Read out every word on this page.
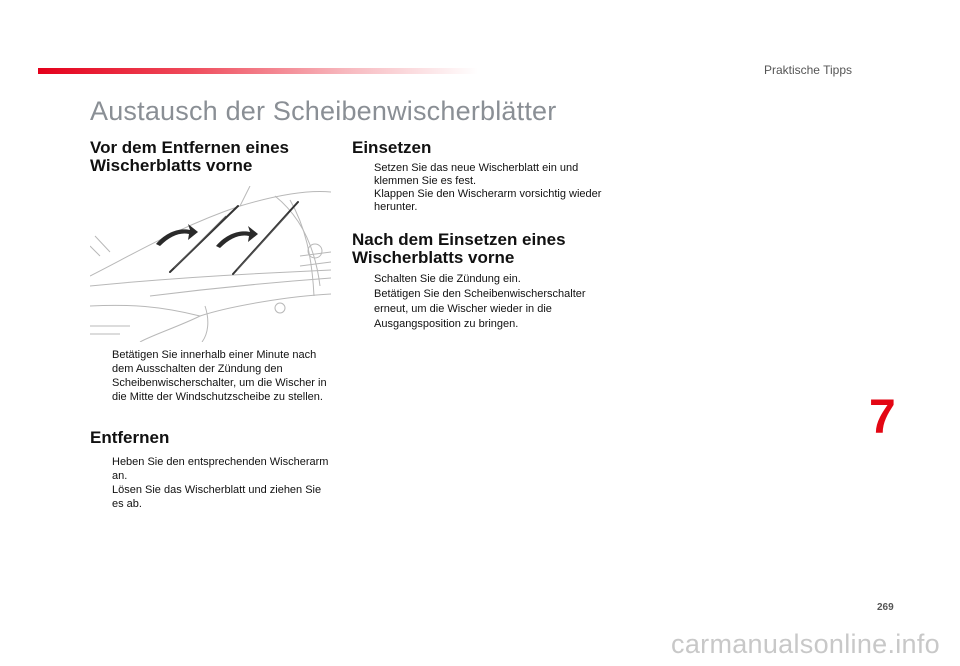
Praktische Tipps
Austausch der Scheibenwischerblätter
Vor dem Entfernen eines
Wischerblatts vorne
Betätigen Sie innerhalb einer Minute nach dem Ausschalten der Zündung den Scheibenwischerschalter, um die Wischer in die Mitte der Windschutzscheibe zu stellen.
Entfernen
Heben Sie den entsprechenden Wischerarm an.
Lösen Sie das Wischerblatt und ziehen Sie es ab.
Einsetzen
Setzen Sie das neue Wischerblatt ein und klemmen Sie es fest.
Klappen Sie den Wischerarm vorsichtig wieder herunter.
Nach dem Einsetzen eines
Wischerblatts vorne
Schalten Sie die Zündung ein.
Betätigen Sie den Scheibenwischerschalter erneut, um die Wischer wieder in die Ausgangsposition zu bringen.
7
269
carmanualsonline.info
